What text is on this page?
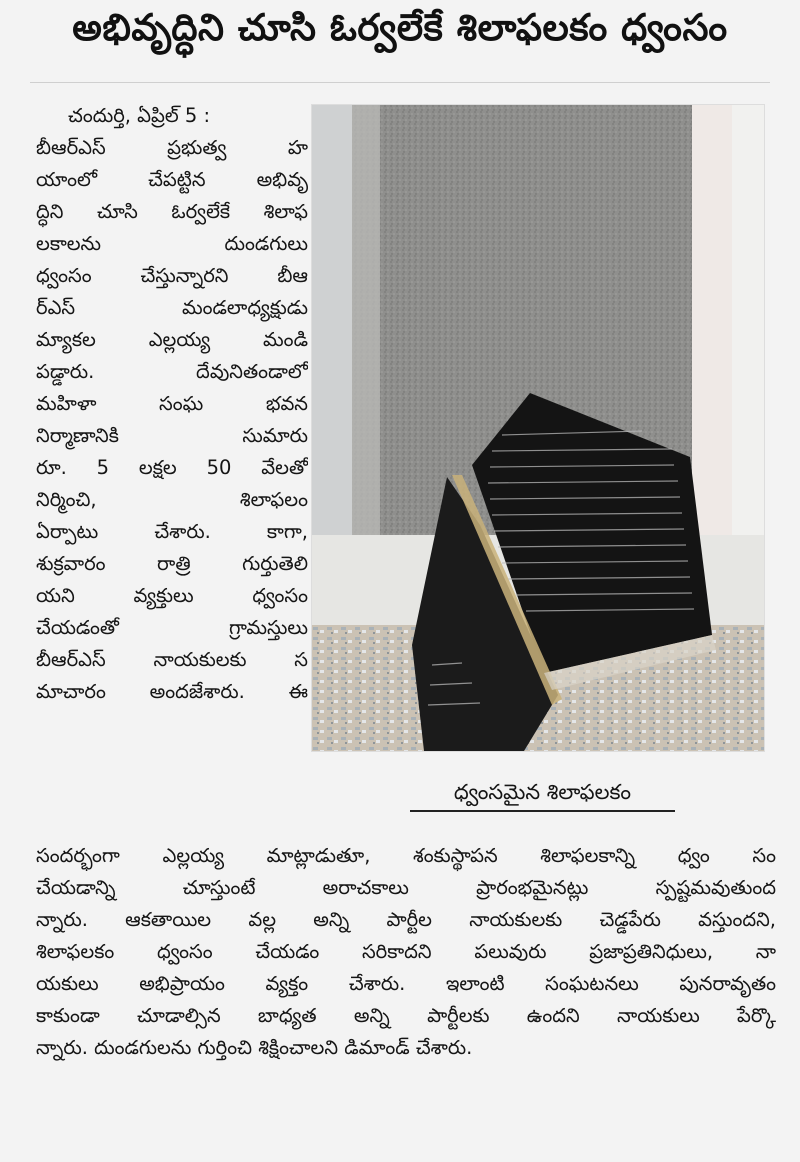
అభివృద్ధిని చూసి ఓర్వలేకే శిలాఫలకం ధ్వంసం
చందుర్తి, ఏప్రిల్ 5 :
బీఆర్ఎస్ ప్రభుత్వ హ
యాంలో చేపట్టిన అభివృ
ద్ధిని చూసి ఓర్వలేకే శిలాఫ
లకాలను దుండగులు
ధ్వంసం చేస్తున్నారని బీఆ
ర్ఎస్ మండలాధ్యక్షుడు
మ్యాకల ఎల్లయ్య మండి
పడ్డారు. దేవునితండాలో
మహిళా సంఘ భవన
నిర్మాణానికి సుమారు
రూ. 5 లక్షల 50 వేలతో
నిర్మించి, శిలాఫలం
ఏర్పాటు చేశారు. కాగా,
శుక్రవారం రాత్రి గుర్తుతెలి
యని వ్యక్తులు ధ్వంసం
చేయడంతో గ్రామస్తులు
బీఆర్ఎస్ నాయకులకు స
మాచారం అందజేశారు. ఈ
ధ్వంసమైన శిలాఫలకం
సందర్భంగా ఎల్లయ్య మాట్లాడుతూ, శంకుస్థాపన శిలాఫలకాన్ని ధ్వం సం
చేయడాన్ని చూస్తుంటే అరాచకాలు ప్రారంభమైనట్లు స్పష్టమవుతుంద
న్నారు. ఆకతాయిల వల్ల అన్ని పార్టీల నాయకులకు చెడ్డపేరు వస్తుందని,
శిలాఫలకం ధ్వంసం చేయడం సరికాదని పలువురు ప్రజాప్రతినిధులు, నా
యకులు అభిప్రాయం వ్యక్తం చేశారు. ఇలాంటి సంఘటనలు పునరావృతం
కాకుండా చూడాల్సిన బాధ్యత అన్ని పార్టీలకు ఉందని నాయకులు పేర్కొ
న్నారు. దుండగులను గుర్తించి శిక్షించాలని డిమాండ్ చేశారు.
